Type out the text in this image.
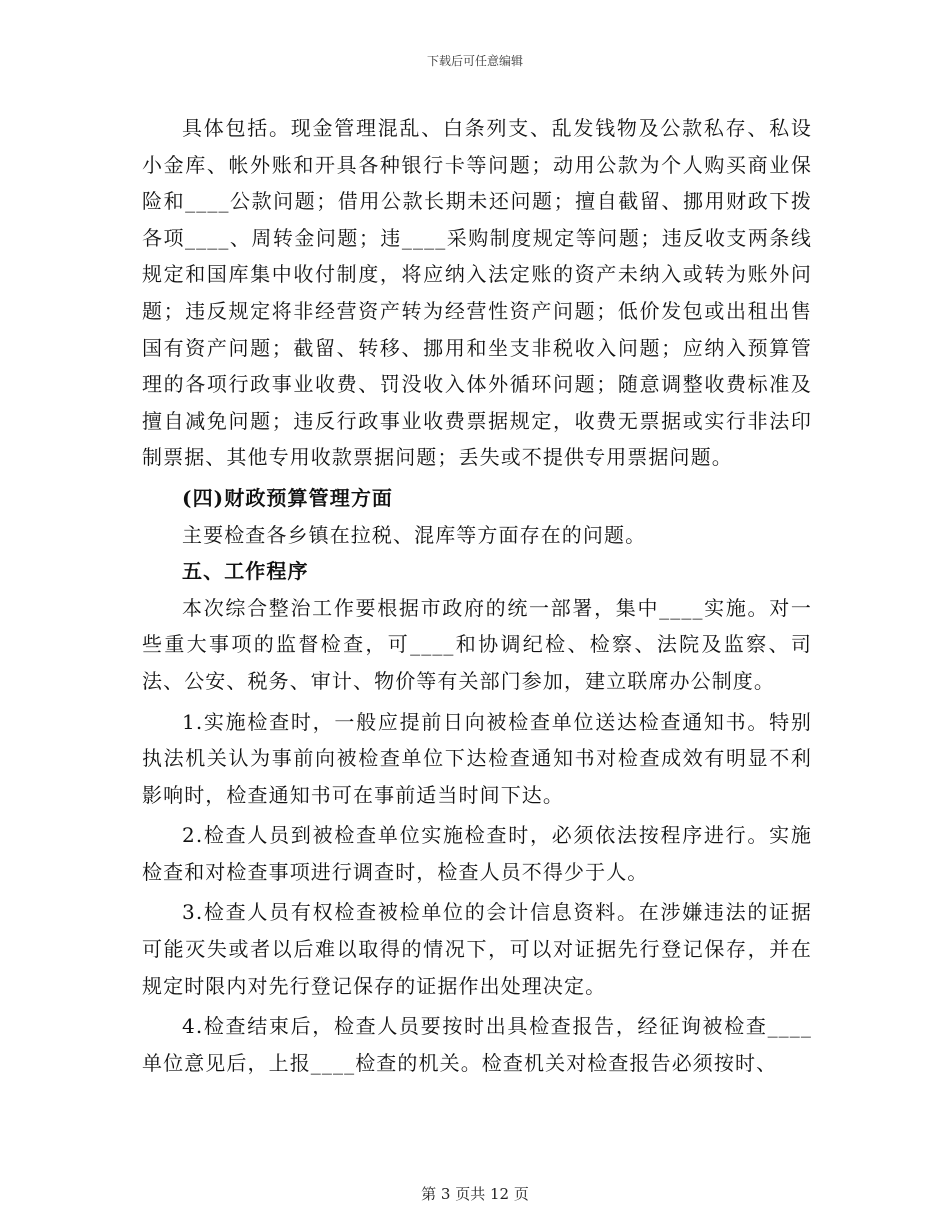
下载后可任意编辑

具体包括。现金管理混乱、白条列支、乱发钱物及公款私存、私设小金库、帐外账和开具各种银行卡等问题；动用公款为个人购买商业保险和____公款问题；借用公款长期未还问题；擅自截留、挪用财政下拨各项____、周转金问题；违____采购制度规定等问题；违反收支两条线规定和国库集中收付制度，将应纳入法定账的资产未纳入或转为账外问题；违反规定将非经营资产转为经营性资产问题；低价发包或出租出售国有资产问题；截留、转移、挪用和坐支非税收入问题；应纳入预算管理的各项行政事业收费、罚没收入体外循环问题；随意调整收费标准及擅自减免问题；违反行政事业收费票据规定，收费无票据或实行非法印制票据、其他专用收款票据问题；丢失或不提供专用票据问题。

(四)财政预算管理方面

主要检查各乡镇在拉税、混库等方面存在的问题。

五、工作程序

本次综合整治工作要根据市政府的统一部署，集中____实施。对一些重大事项的监督检查，可____和协调纪检、检察、法院及监察、司法、公安、税务、审计、物价等有关部门参加，建立联席办公制度。

1.实施检查时，一般应提前日向被检查单位送达检查通知书。特别执法机关认为事前向被检查单位下达检查通知书对检查成效有明显不利影响时，检查通知书可在事前适当时间下达。

2.检查人员到被检查单位实施检查时，必须依法按程序进行。实施检查和对检查事项进行调查时，检查人员不得少于人。

3.检查人员有权检查被检单位的会计信息资料。在涉嫌违法的证据可能灭失或者以后难以取得的情况下，可以对证据先行登记保存，并在规定时限内对先行登记保存的证据作出处理决定。

4.检查结束后，检查人员要按时出具检查报告，经征询被检查____单位意见后，上报____检查的机关。检查机关对检查报告必须按时、

第 3 页共 12 页
